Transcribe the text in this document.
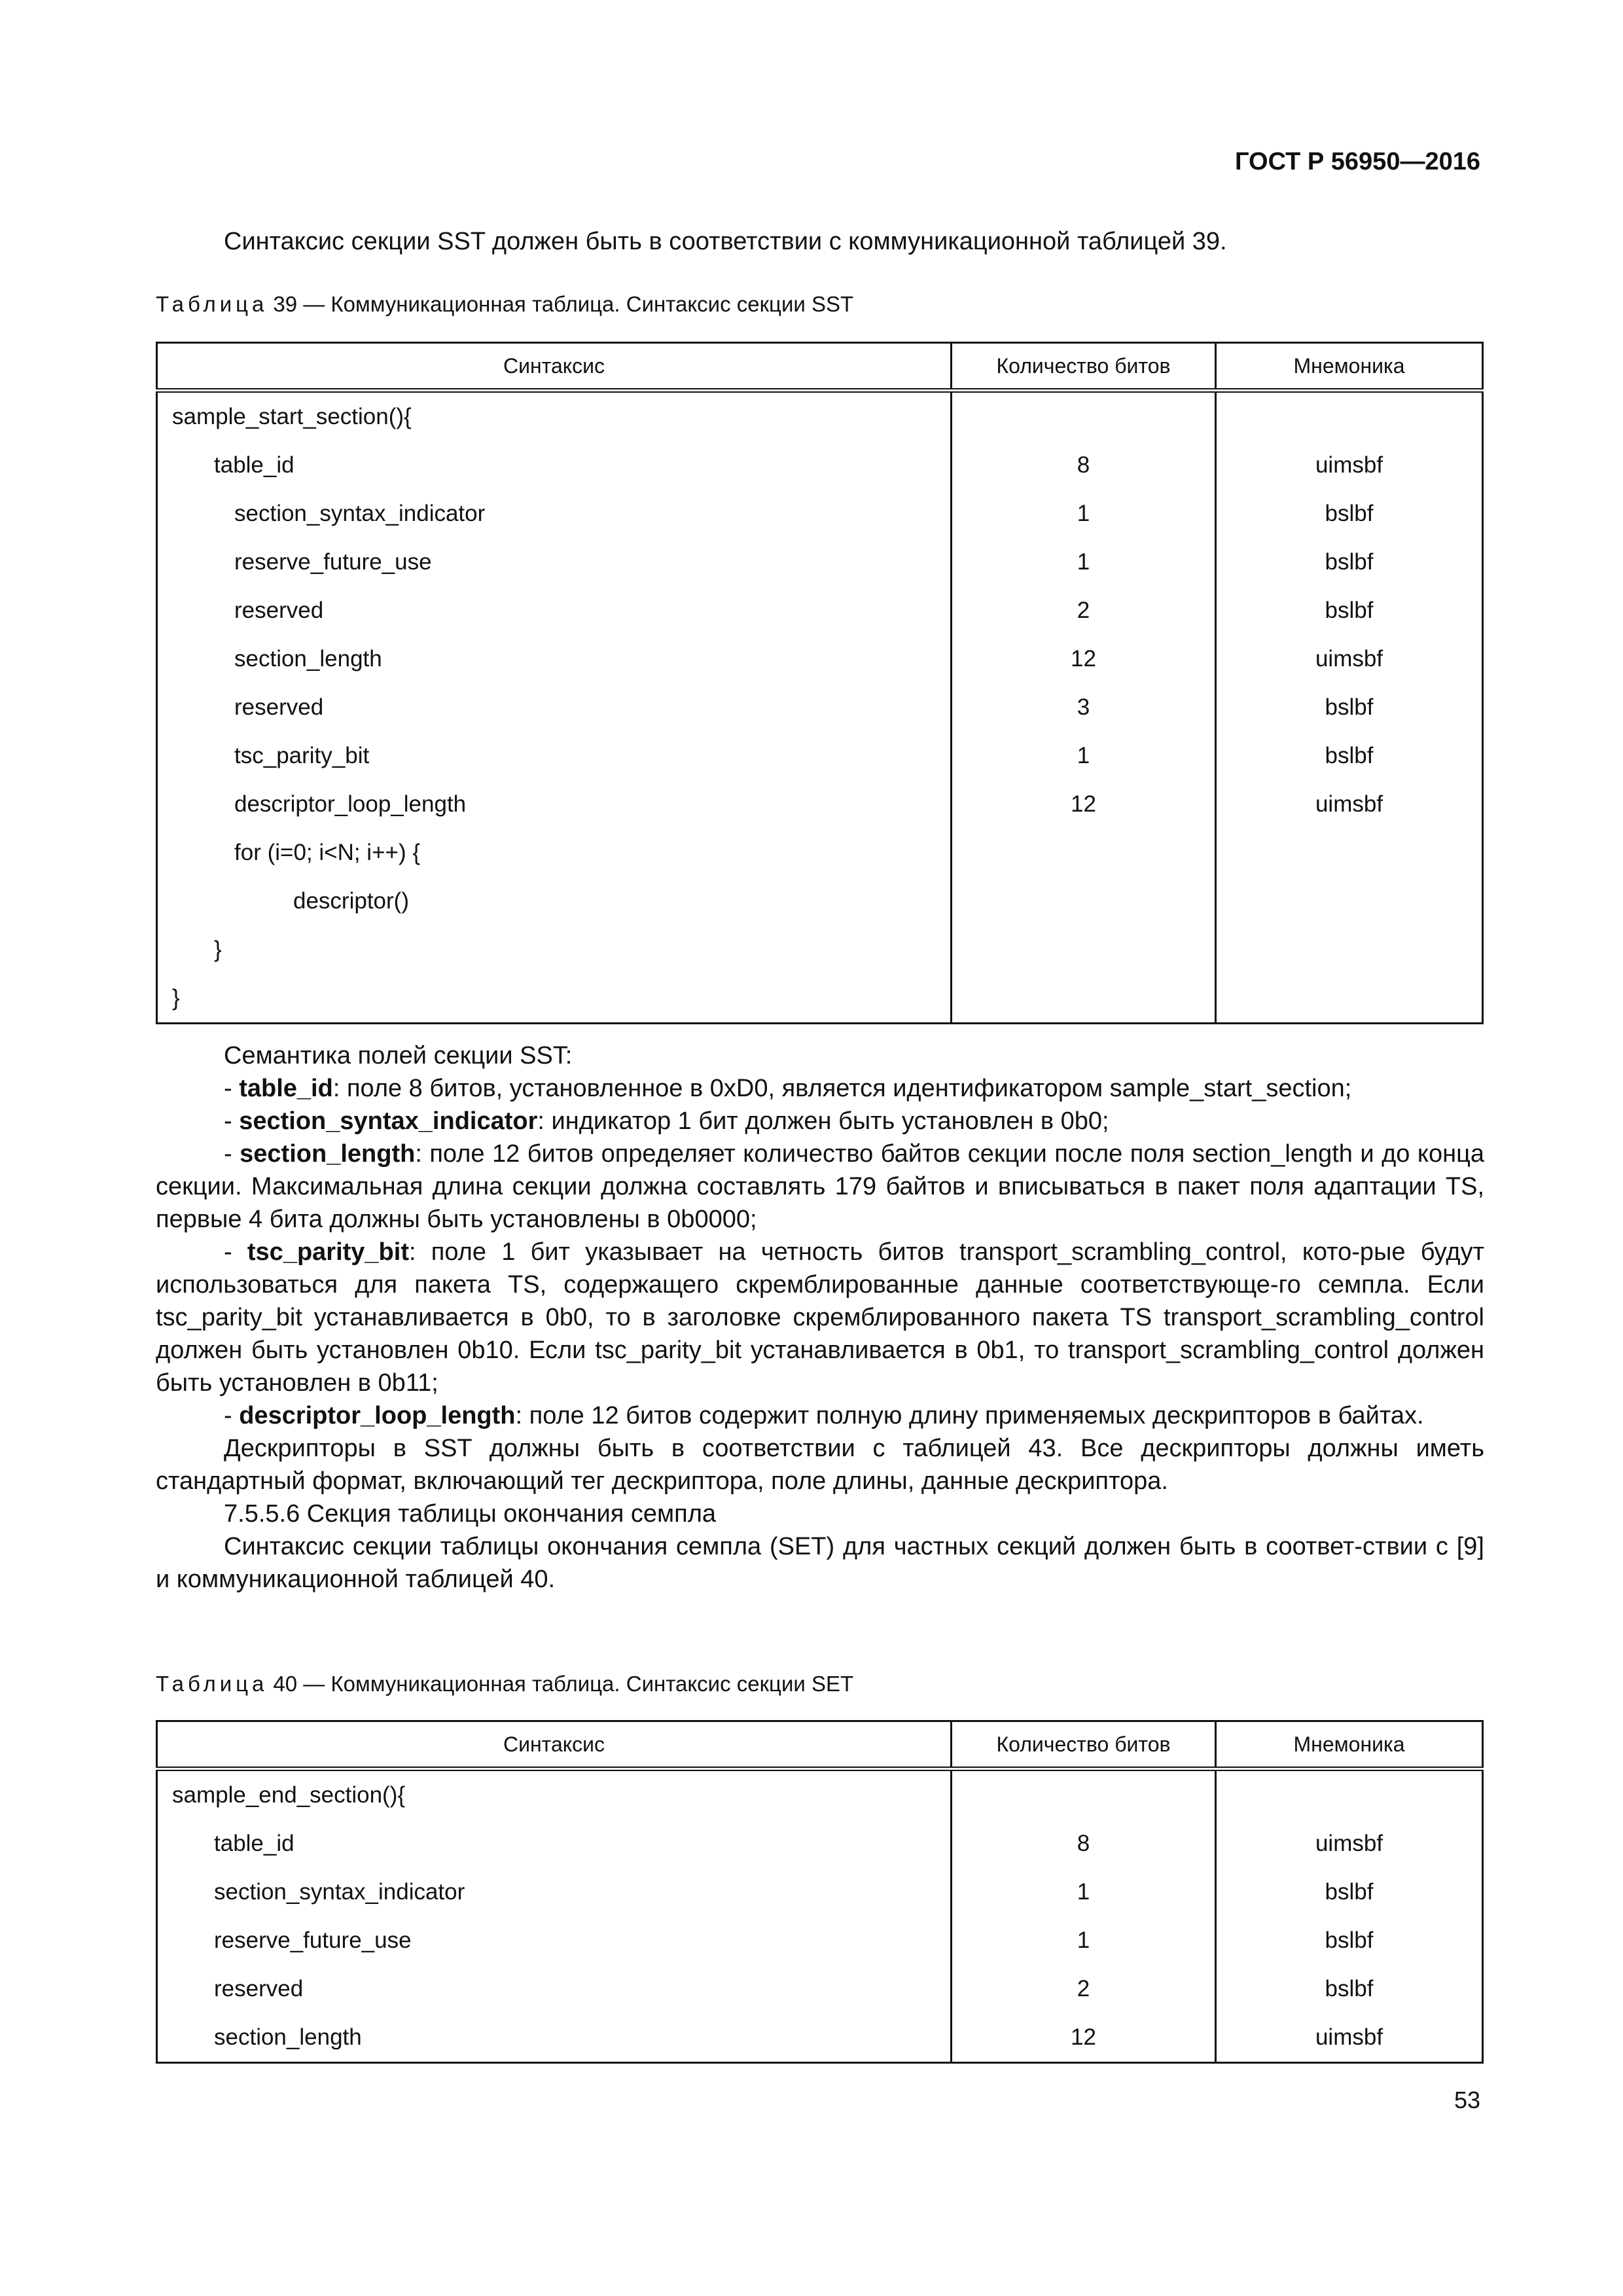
ГОСТ Р 56950—2016
Синтаксис секции SST должен быть в соответствии с коммуникационной таблицей 39.
Таблица 39 — Коммуникационная таблица. Синтаксис секции SST
Синтаксис	Количество битов	Мнемоника
sample_start_section(){		
table_id	8	uimsbf
section_syntax_indicator	1	bslbf
reserve_future_use	1	bslbf
reserved	2	bslbf
section_length	12	uimsbf
reserved	3	bslbf
tsc_parity_bit	1	bslbf
descriptor_loop_length	12	uimsbf
for (i=0; i<N; i++) {		
descriptor()		
}		
}		

Семантика полей секции SST:

- table_id: поле 8 битов, установленное в 0xD0, является идентификатором sample_start_section;

- section_syntax_indicator: индикатор 1 бит должен быть установлен в 0b0;

- section_length: поле 12 битов определяет количество байтов секции после поля section_length и до конца секции. Максимальная длина секции должна составлять 179 байтов и вписываться в пакет поля адаптации TS, первые 4 бита должны быть установлены в 0b0000;

- tsc_parity_bit: поле 1 бит указывает на четность битов transport_scrambling_control, кото-рые будут использоваться для пакета TS, содержащего скремблированные данные соответствующе-го семпла. Если tsc_parity_bit устанавливается в 0b0, то в заголовке скремблированного пакета TS transport_scrambling_control должен быть установлен 0b10. Если tsc_parity_bit устанавливается в 0b1, то transport_scrambling_control должен быть установлен в 0b11;

- descriptor_loop_length: поле 12 битов содержит полную длину применяемых дескрипторов в байтах.

Дескрипторы в SST должны быть в соответствии с таблицей 43. Все дескрипторы должны иметь стандартный формат, включающий тег дескриптора, поле длины, данные дескриптора.

7.5.5.6 Секция таблицы окончания семпла

Синтаксис секции таблицы окончания семпла (SET) для частных секций должен быть в соответ-ствии с [9] и коммуникационной таблицей 40.

Таблица 40 — Коммуникационная таблица. Синтаксис секции SET
Синтаксис	Количество битов	Мнемоника
sample_end_section(){		
table_id	8	uimsbf
section_syntax_indicator	1	bslbf
reserve_future_use	1	bslbf
reserved	2	bslbf
section_length	12	uimsbf
53
